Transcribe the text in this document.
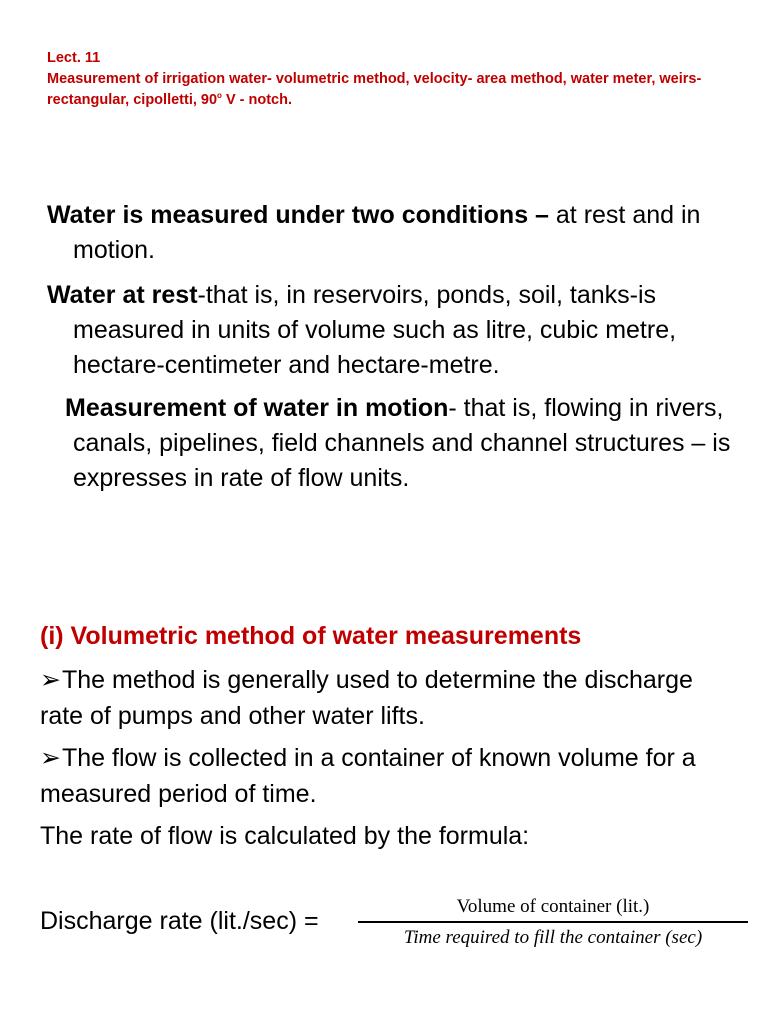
Lect. 11
Measurement of irrigation water- volumetric method, velocity- area method, water meter, weirs- rectangular, cipolletti, 90$^o$ V - notch.

Water is measured under two conditions – at rest and in motion.

Water at rest-that is, in reservoirs, ponds, soil, tanks-is measured in units of volume such as litre, cubic metre, hectare-centimeter and hectare-metre.

Measurement of water in motion- that is, flowing in rivers, canals, pipelines, field channels and channel structures – is expresses in rate of flow units.

(i) Volumetric method of water measurements

➢The method is generally used to determine the discharge rate of pumps and other water lifts.

➢The flow is collected in a container of known volume for a measured period of time.

The rate of flow is calculated by the formula:

Discharge rate (lit./sec) =
Volume of container (lit.)
Time required to fill the container (sec)
